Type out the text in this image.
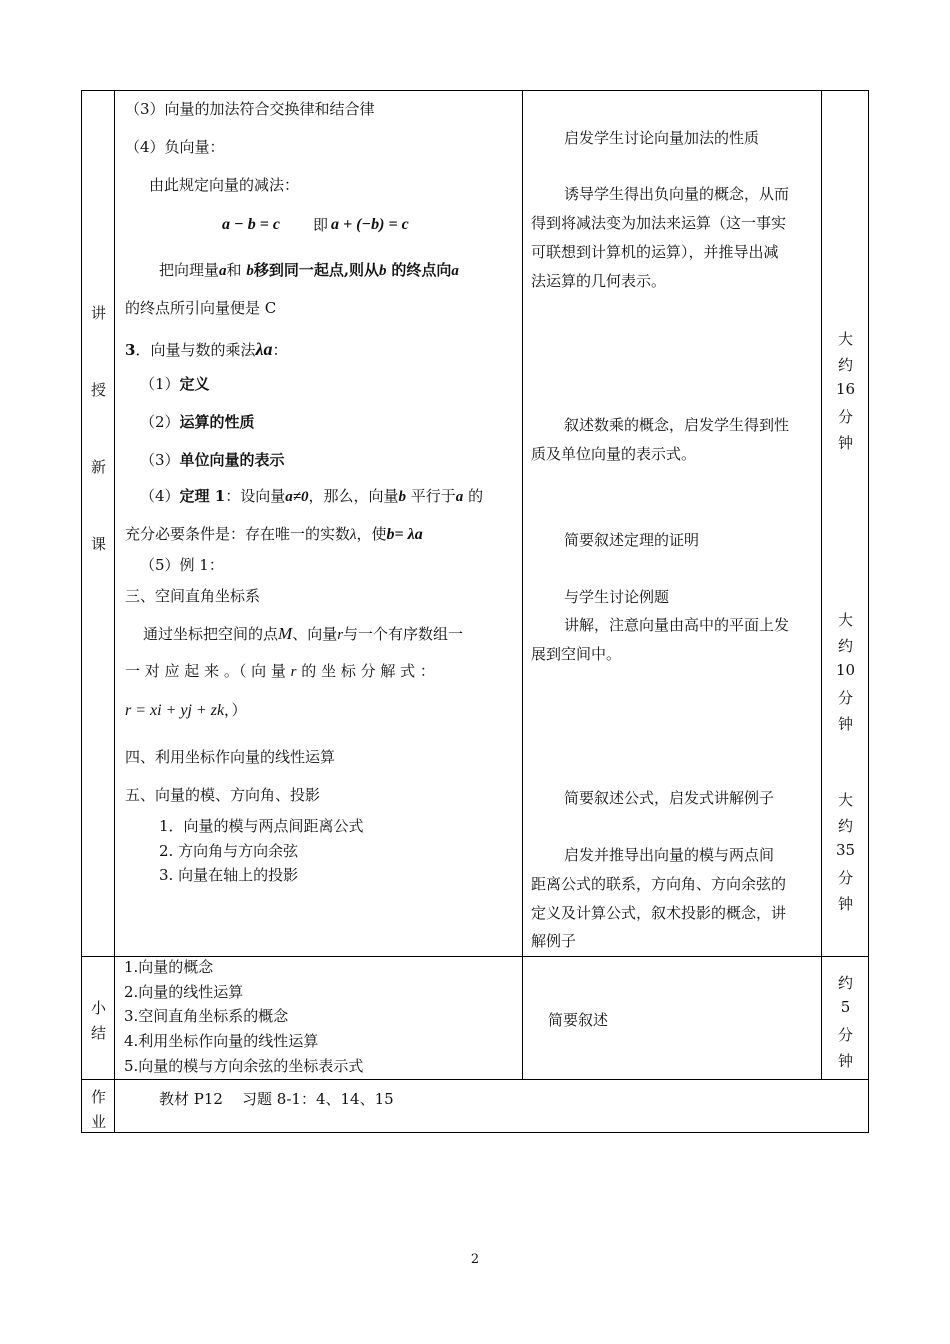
讲
授
新
课
小
结
作
业
（3）向量的加法符合交换律和结合律
（4）负向量：
由此规定向量的减法：
a − b = c 即 a + (−b) = c
把向理量a和 b移到同一起点,则从b 的终点向a
的终点所引向量便是 C
3．向量与数的乘法λa：
（1）定义
（2）运算的性质
（3）单位向量的表示
（4）定理 1：设向量a≠0，那么，向量b 平行于a 的
充分必要条件是：存在唯一的实数λ，使b= λa
（5）例 1：
三、空间直角坐标系
通过坐标把空间的点M、向量r与一个有序数组一
一 对 应 起 来 。（ 向 量 r 的 坐 标 分 解 式 ：
r = xi + yj + zk，）
四、利用坐标作向量的线性运算
五、向量的模、方向角、投影
1．向量的模与两点间距离公式
2. 方向角与方向余弦
3. 向量在轴上的投影
启发学生讨论向量加法的性质
诱导学生得出负向量的概念，从而
得到将减法变为加法来运算（这一事实
可联想到计算机的运算），并推导出减
法运算的几何表示。
叙述数乘的概念，启发学生得到性
质及单位向量的表示式。
简要叙述定理的证明
与学生讨论例题
讲解，注意向量由高中的平面上发
展到空间中。
简要叙述公式，启发式讲解例子
启发并推导出向量的模与两点间
距离公式的联系，方向角、方向余弦的
定义及计算公式，叙术投影的概念，讲
解例子
大
约
16
分
钟
大
约
10
分
钟
大
约
35
分
钟
1.向量的概念
2.向量的线性运算
3.空间直角坐标系的概念
4.利用坐标作向量的线性运算
5.向量的模与方向余弦的坐标表示式
简要叙述
约
5
分
钟
教材 P12    习题 8-1：4、14、15
2
